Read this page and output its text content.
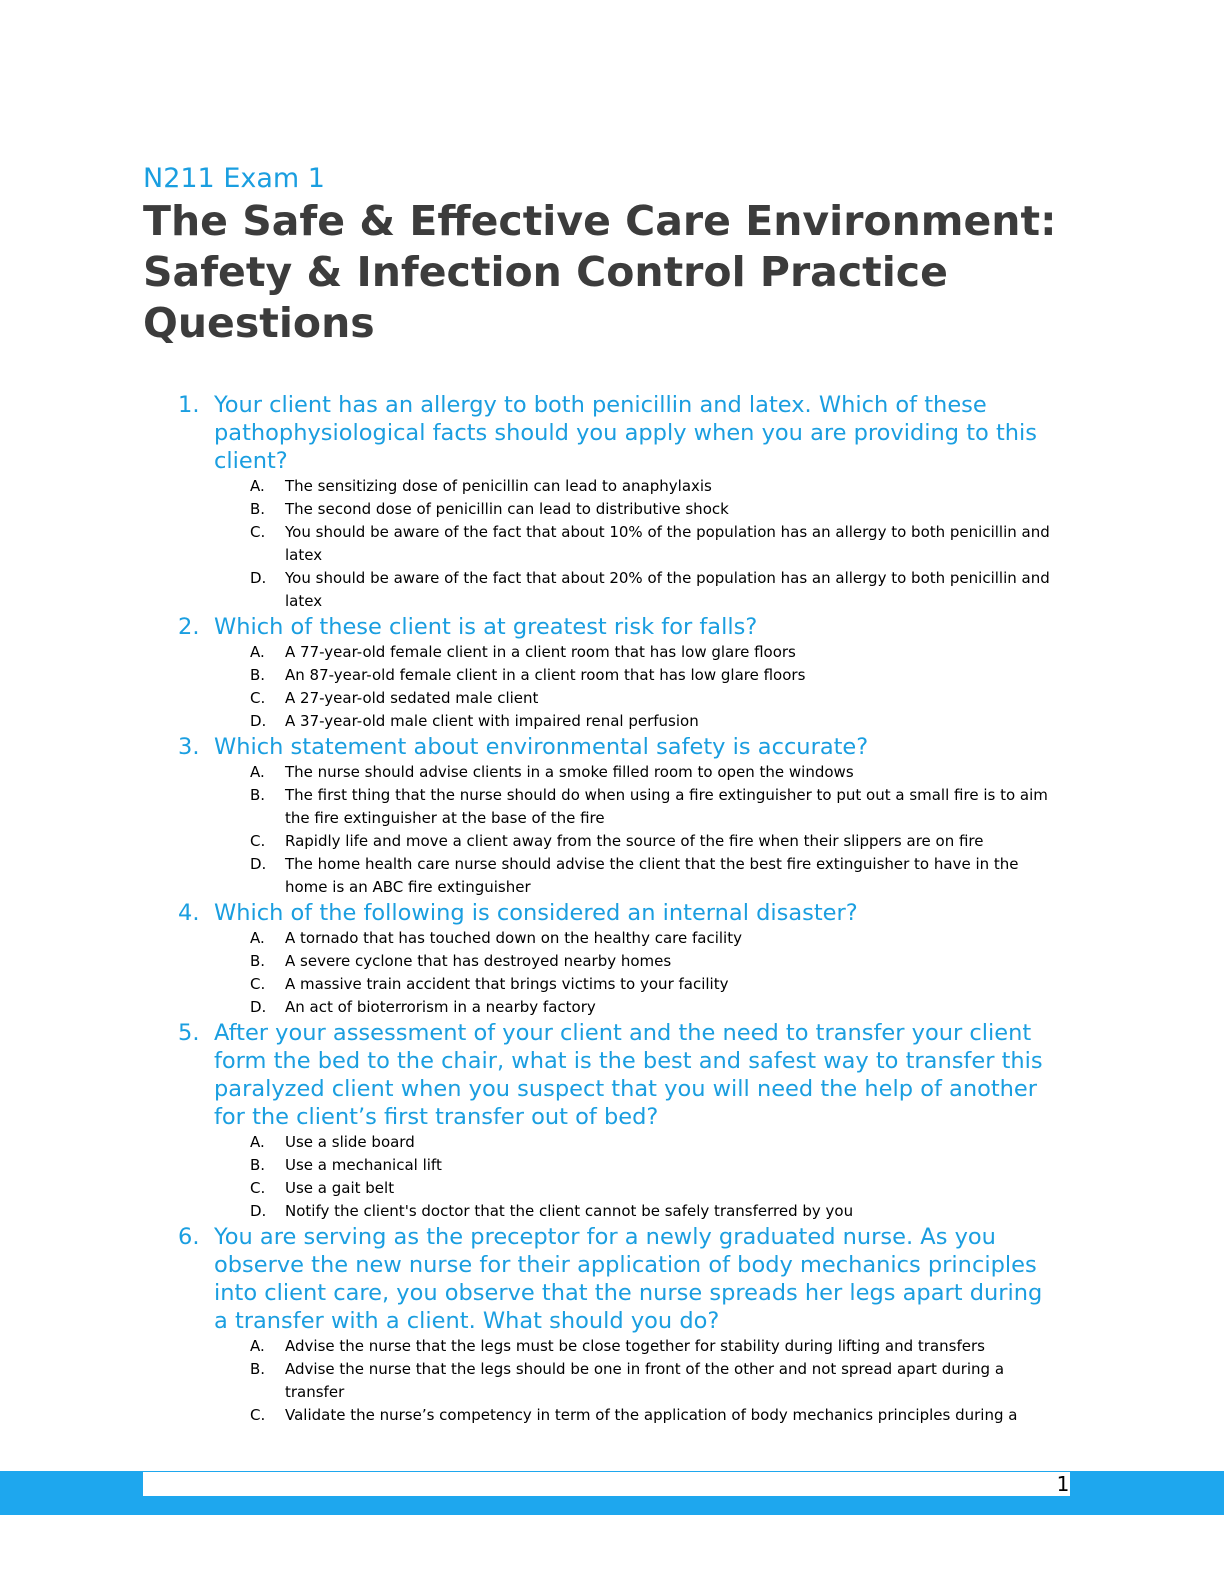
N211 Exam 1
The Safe & Effective Care Environment: Safety & Infection Control Practice Questions
1. Your client has an allergy to both penicillin and latex. Which of these pathophysiological facts should you apply when you are providing to this client?
A. The sensitizing dose of penicillin can lead to anaphylaxis
B. The second dose of penicillin can lead to distributive shock
C. You should be aware of the fact that about 10% of the population has an allergy to both penicillin and latex
D. You should be aware of the fact that about 20% of the population has an allergy to both penicillin and latex
2. Which of these client is at greatest risk for falls?
A. A 77-year-old female client in a client room that has low glare floors
B. An 87-year-old female client in a client room that has low glare floors
C. A 27-year-old sedated male client
D. A 37-year-old male client with impaired renal perfusion
3. Which statement about environmental safety is accurate?
A. The nurse should advise clients in a smoke filled room to open the windows
B. The first thing that the nurse should do when using a fire extinguisher to put out a small fire is to aim the fire extinguisher at the base of the fire
C. Rapidly life and move a client away from the source of the fire when their slippers are on fire
D. The home health care nurse should advise the client that the best fire extinguisher to have in the home is an ABC fire extinguisher
4. Which of the following is considered an internal disaster?
A. A tornado that has touched down on the healthy care facility
B. A severe cyclone that has destroyed nearby homes
C. A massive train accident that brings victims to your facility
D. An act of bioterrorism in a nearby factory
5. After your assessment of your client and the need to transfer your client form the bed to the chair, what is the best and safest way to transfer this paralyzed client when you suspect that you will need the help of another for the client’s first transfer out of bed?
A. Use a slide board
B. Use a mechanical lift
C. Use a gait belt
D. Notify the client's doctor that the client cannot be safely transferred by you
6. You are serving as the preceptor for a newly graduated nurse. As you observe the new nurse for their application of body mechanics principles into client care, you observe that the nurse spreads her legs apart during a transfer with a client. What should you do?
A. Advise the nurse that the legs must be close together for stability during lifting and transfers
B. Advise the nurse that the legs should be one in front of the other and not spread apart during a transfer
C. Validate the nurse’s competency in term of the application of body mechanics principles during a
1
